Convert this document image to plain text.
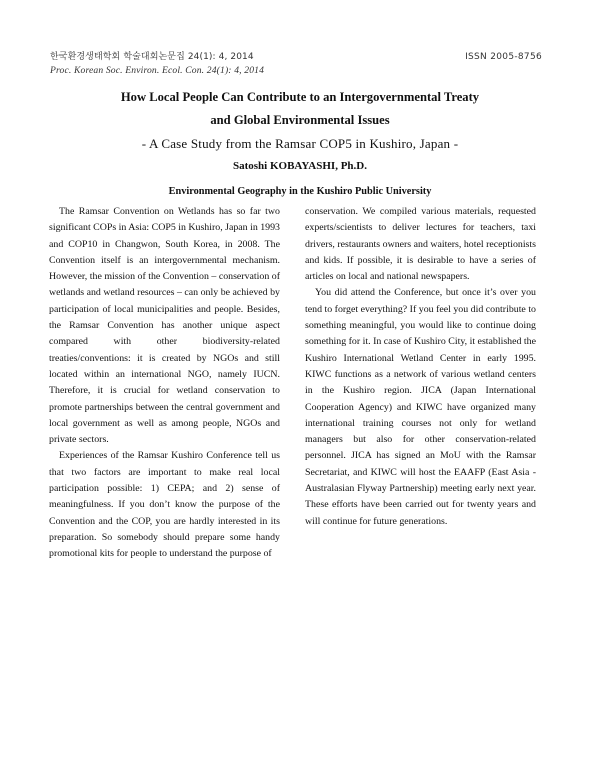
한국환경생태학회 학술대회논문집 24(1): 4, 2014
Proc. Korean Soc. Environ. Ecol. Con. 24(1): 4, 2014
ISSN 2005-8756
How Local People Can Contribute to an Intergovernmental Treaty
and Global Environmental Issues
- A Case Study from the Ramsar COP5 in Kushiro, Japan -
Satoshi KOBAYASHI, Ph.D.
Environmental Geography in the Kushiro Public University

The Ramsar Convention on Wetlands has so far two significant COPs in Asia: COP5 in Kushiro, Japan in 1993 and COP10 in Changwon, South Korea, in 2008. The Convention itself is an intergovernmental mechanism. However, the mission of the Convention – conservation of wetlands and wetland resources – can only be achieved by participation of local municipalities and people. Besides, the Ramsar Convention has another unique aspect compared with other biodiversity-related treaties/conventions: it is created by NGOs and still located within an international NGO, namely IUCN. Therefore, it is crucial for wetland conservation to promote partnerships between the central government and local government as well as among people, NGOs and private sectors.

Experiences of the Ramsar Kushiro Conference tell us that two factors are important to make real local participation possible: 1) CEPA; and 2) sense of meaningfulness. If you don’t know the purpose of the Convention and the COP, you are hardly interested in its preparation. So somebody should prepare some handy promotional kits for people to understand the purpose of

conservation. We compiled various materials, requested experts/scientists to deliver lectures for teachers, taxi drivers, restaurants owners and waiters, hotel receptionists and kids. If possible, it is desirable to have a series of articles on local and national newspapers.

You did attend the Conference, but once it’s over you tend to forget everything? If you feel you did contribute to something meaningful, you would like to continue doing something for it. In case of Kushiro City, it established the Kushiro International Wetland Center in early 1995. KIWC functions as a network of various wetland centers in the Kushiro region. JICA (Japan International Cooperation Agency) and KIWC have organized many international training courses not only for wetland managers but also for other conservation-related personnel. JICA has signed an MoU with the Ramsar Secretariat, and KIWC will host the EAAFP (East Asia - Australasian Flyway Partnership) meeting early next year. These efforts have been carried out for twenty years and will continue for future generations.
